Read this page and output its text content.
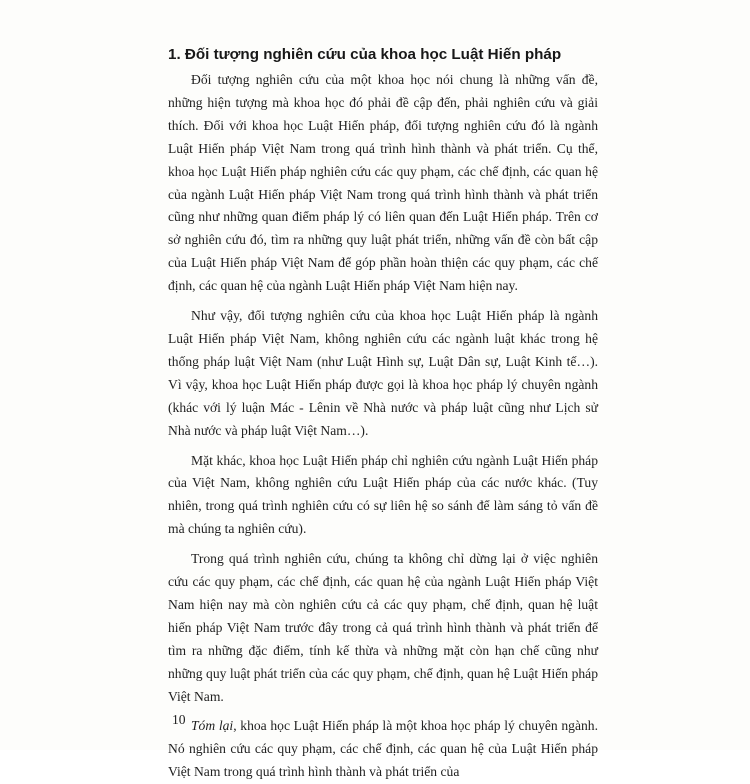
1. Đối tượng nghiên cứu của khoa học Luật Hiến pháp

Đối tượng nghiên cứu của một khoa học nói chung là những vấn đề, những hiện tượng mà khoa học đó phải đề cập đến, phải nghiên cứu và giải thích. Đối với khoa học Luật Hiến pháp, đối tượng nghiên cứu đó là ngành Luật Hiến pháp Việt Nam trong quá trình hình thành và phát triển. Cụ thể, khoa học Luật Hiến pháp nghiên cứu các quy phạm, các chế định, các quan hệ của ngành Luật Hiến pháp Việt Nam trong quá trình hình thành và phát triển cũng như những quan điểm pháp lý có liên quan đến Luật Hiến pháp. Trên cơ sở nghiên cứu đó, tìm ra những quy luật phát triển, những vấn đề còn bất cập của Luật Hiến pháp Việt Nam để góp phần hoàn thiện các quy phạm, các chế định, các quan hệ của ngành Luật Hiến pháp Việt Nam hiện nay.

Như vậy, đối tượng nghiên cứu của khoa học Luật Hiến pháp là ngành Luật Hiến pháp Việt Nam, không nghiên cứu các ngành luật khác trong hệ thống pháp luật Việt Nam (như Luật Hình sự, Luật Dân sự, Luật Kinh tế…). Vì vậy, khoa học Luật Hiến pháp được gọi là khoa học pháp lý chuyên ngành (khác với lý luận Mác - Lênin về Nhà nước và pháp luật cũng như Lịch sử Nhà nước và pháp luật Việt Nam…).

Mặt khác, khoa học Luật Hiến pháp chỉ nghiên cứu ngành Luật Hiến pháp của Việt Nam, không nghiên cứu Luật Hiến pháp của các nước khác. (Tuy nhiên, trong quá trình nghiên cứu có sự liên hệ so sánh để làm sáng tỏ vấn đề mà chúng ta nghiên cứu).

Trong quá trình nghiên cứu, chúng ta không chỉ dừng lại ở việc nghiên cứu các quy phạm, các chế định, các quan hệ của ngành Luật Hiến pháp Việt Nam hiện nay mà còn nghiên cứu cả các quy phạm, chế định, quan hệ luật hiến pháp Việt Nam trước đây trong cả quá trình hình thành và phát triển để tìm ra những đặc điểm, tính kế thừa và những mặt còn hạn chế cũng như những quy luật phát triển của các quy phạm, chế định, quan hệ Luật Hiến pháp Việt Nam.

Tóm lại, khoa học Luật Hiến pháp là một khoa học pháp lý chuyên ngành. Nó nghiên cứu các quy phạm, các chế định, các quan hệ của Luật Hiến pháp Việt Nam trong quá trình hình thành và phát triển của

10
